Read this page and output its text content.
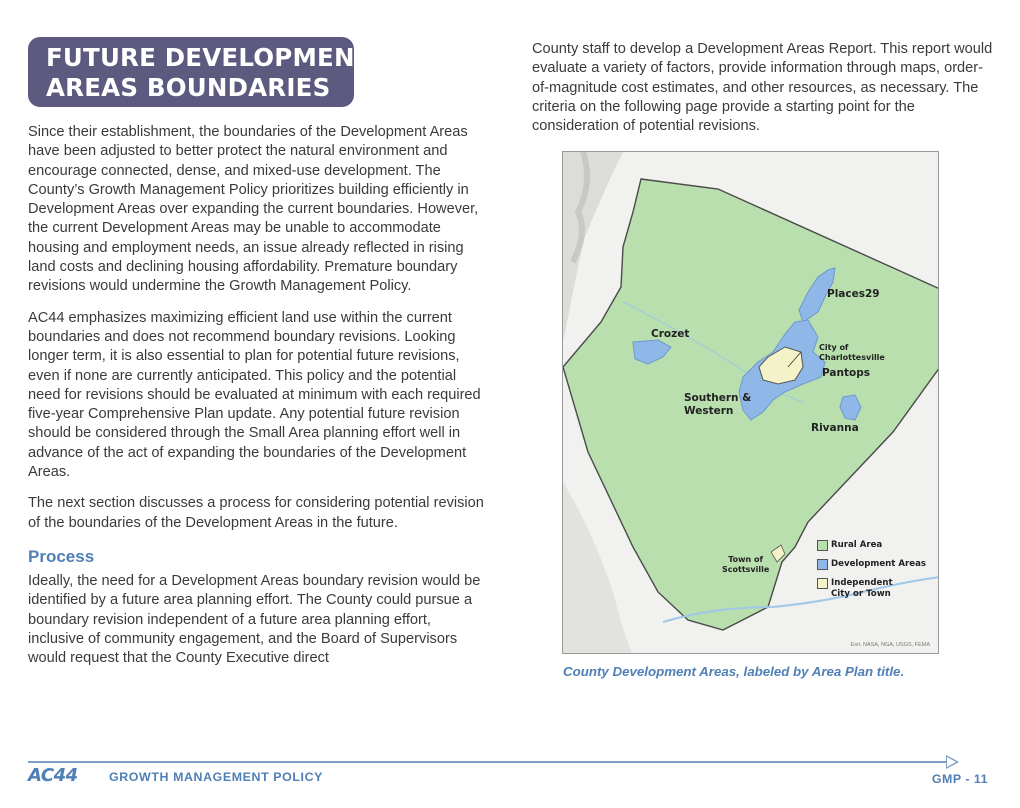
FUTURE DEVELOPMENT
AREAS BOUNDARIES

Since their establishment, the boundaries of the Development Areas have been adjusted to better protect the natural environment and encourage connected, dense, and mixed-use development. The County’s Growth Management Policy prioritizes building efficiently in Development Areas over expanding the current boundaries. However, the current Development Areas may be unable to accommodate housing and employment needs, an issue already reflected in rising land costs and declining housing affordability. Premature boundary revisions would undermine the Growth Management Policy.

AC44 emphasizes maximizing efficient land use within the current boundaries and does not recommend boundary revisions. Looking longer term, it is also essential to plan for potential future revisions, even if none are currently anticipated. This policy and the potential need for revisions should be evaluated at minimum with each required five-year Comprehensive Plan update. Any potential future revision should be considered through the Small Area planning effort well in advance of the act of expanding the boundaries of the Development Areas.

The next section discusses a process for considering potential revision of the boundaries of the Development Areas in the future.

Process

Ideally, the need for a Development Areas boundary revision would be identified by a future area planning effort. The County could pursue a boundary revision independent of a future area planning effort, inclusive of community engagement, and the Board of Supervisors would request that the County Executive direct

County staff to develop a Development Areas Report. This report would evaluate a variety of factors, provide information through maps, order-of-magnitude cost estimates, and other resources, as necessary. The criteria on the following page provide a starting point for the consideration of potential revisions.

Places29
Crozet
City of
Charlottesville
Pantops
Southern &
Western
Rivanna
Town of
Scottsville
Rural Area
Development Areas
Independent City or Town
Esri, NASA, NGA, USGS, FEMA
County Development Areas, labeled by Area Plan title.
AC44	GROWTH MANAGEMENT POLICY	GMP - 11
